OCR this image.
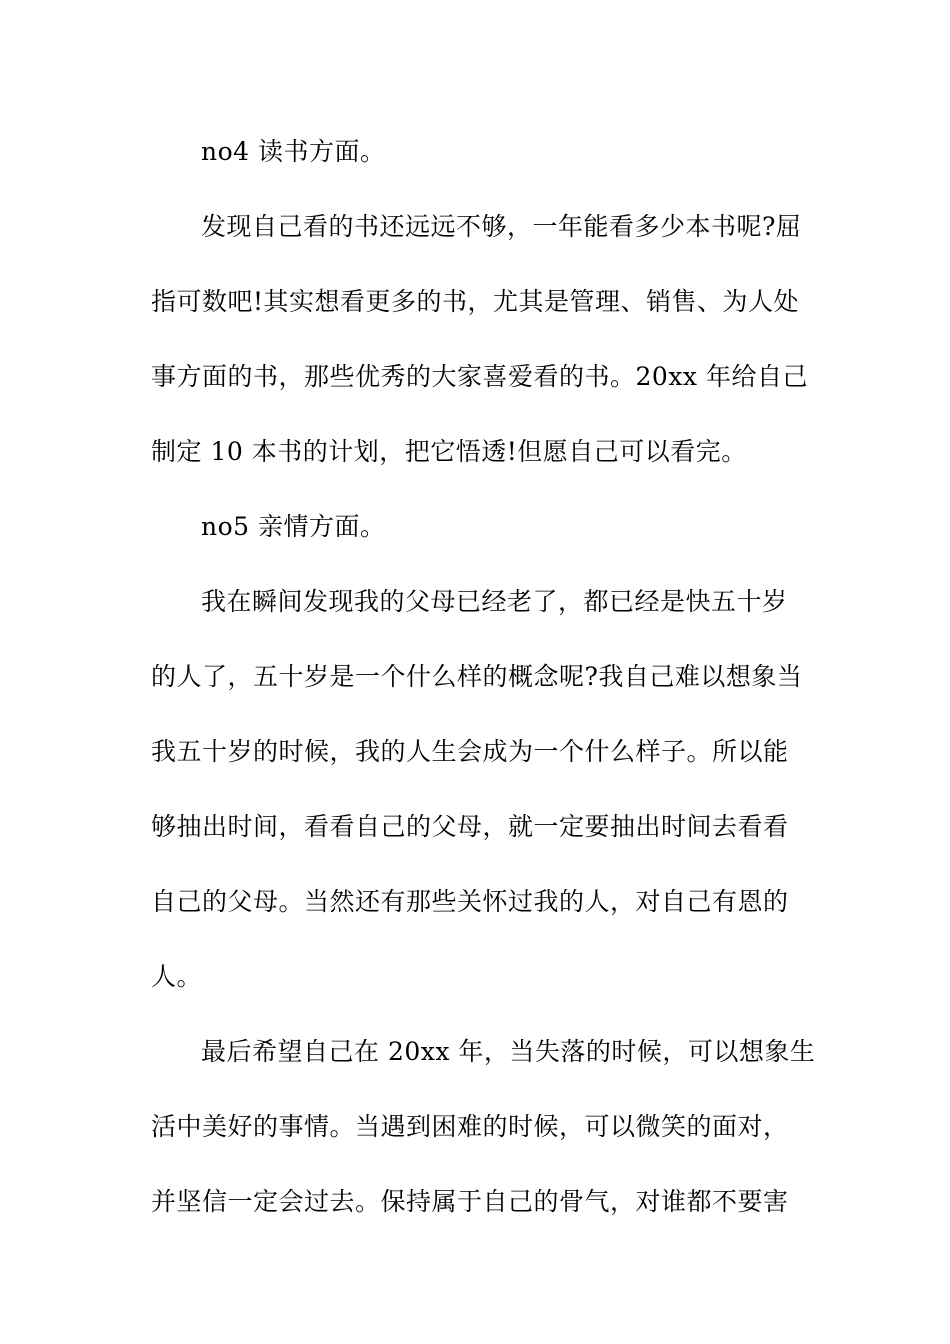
no4 读书方面。

发现自己看的书还远远不够，一年能看多少本书呢?屈
指可数吧!其实想看更多的书，尤其是管理、销售、为人处
事方面的书，那些优秀的大家喜爱看的书。20xx 年给自己
制定 10 本书的计划，把它悟透!但愿自己可以看完。

no5 亲情方面。

我在瞬间发现我的父母已经老了，都已经是快五十岁
的人了，五十岁是一个什么样的概念呢?我自己难以想象当
我五十岁的时候，我的人生会成为一个什么样子。所以能
够抽出时间，看看自己的父母，就一定要抽出时间去看看
自己的父母。当然还有那些关怀过我的人，对自己有恩的
人。

最后希望自己在 20xx 年，当失落的时候，可以想象生
活中美好的事情。当遇到困难的时候，可以微笑的面对，
并坚信一定会过去。保持属于自己的骨气，对谁都不要害
